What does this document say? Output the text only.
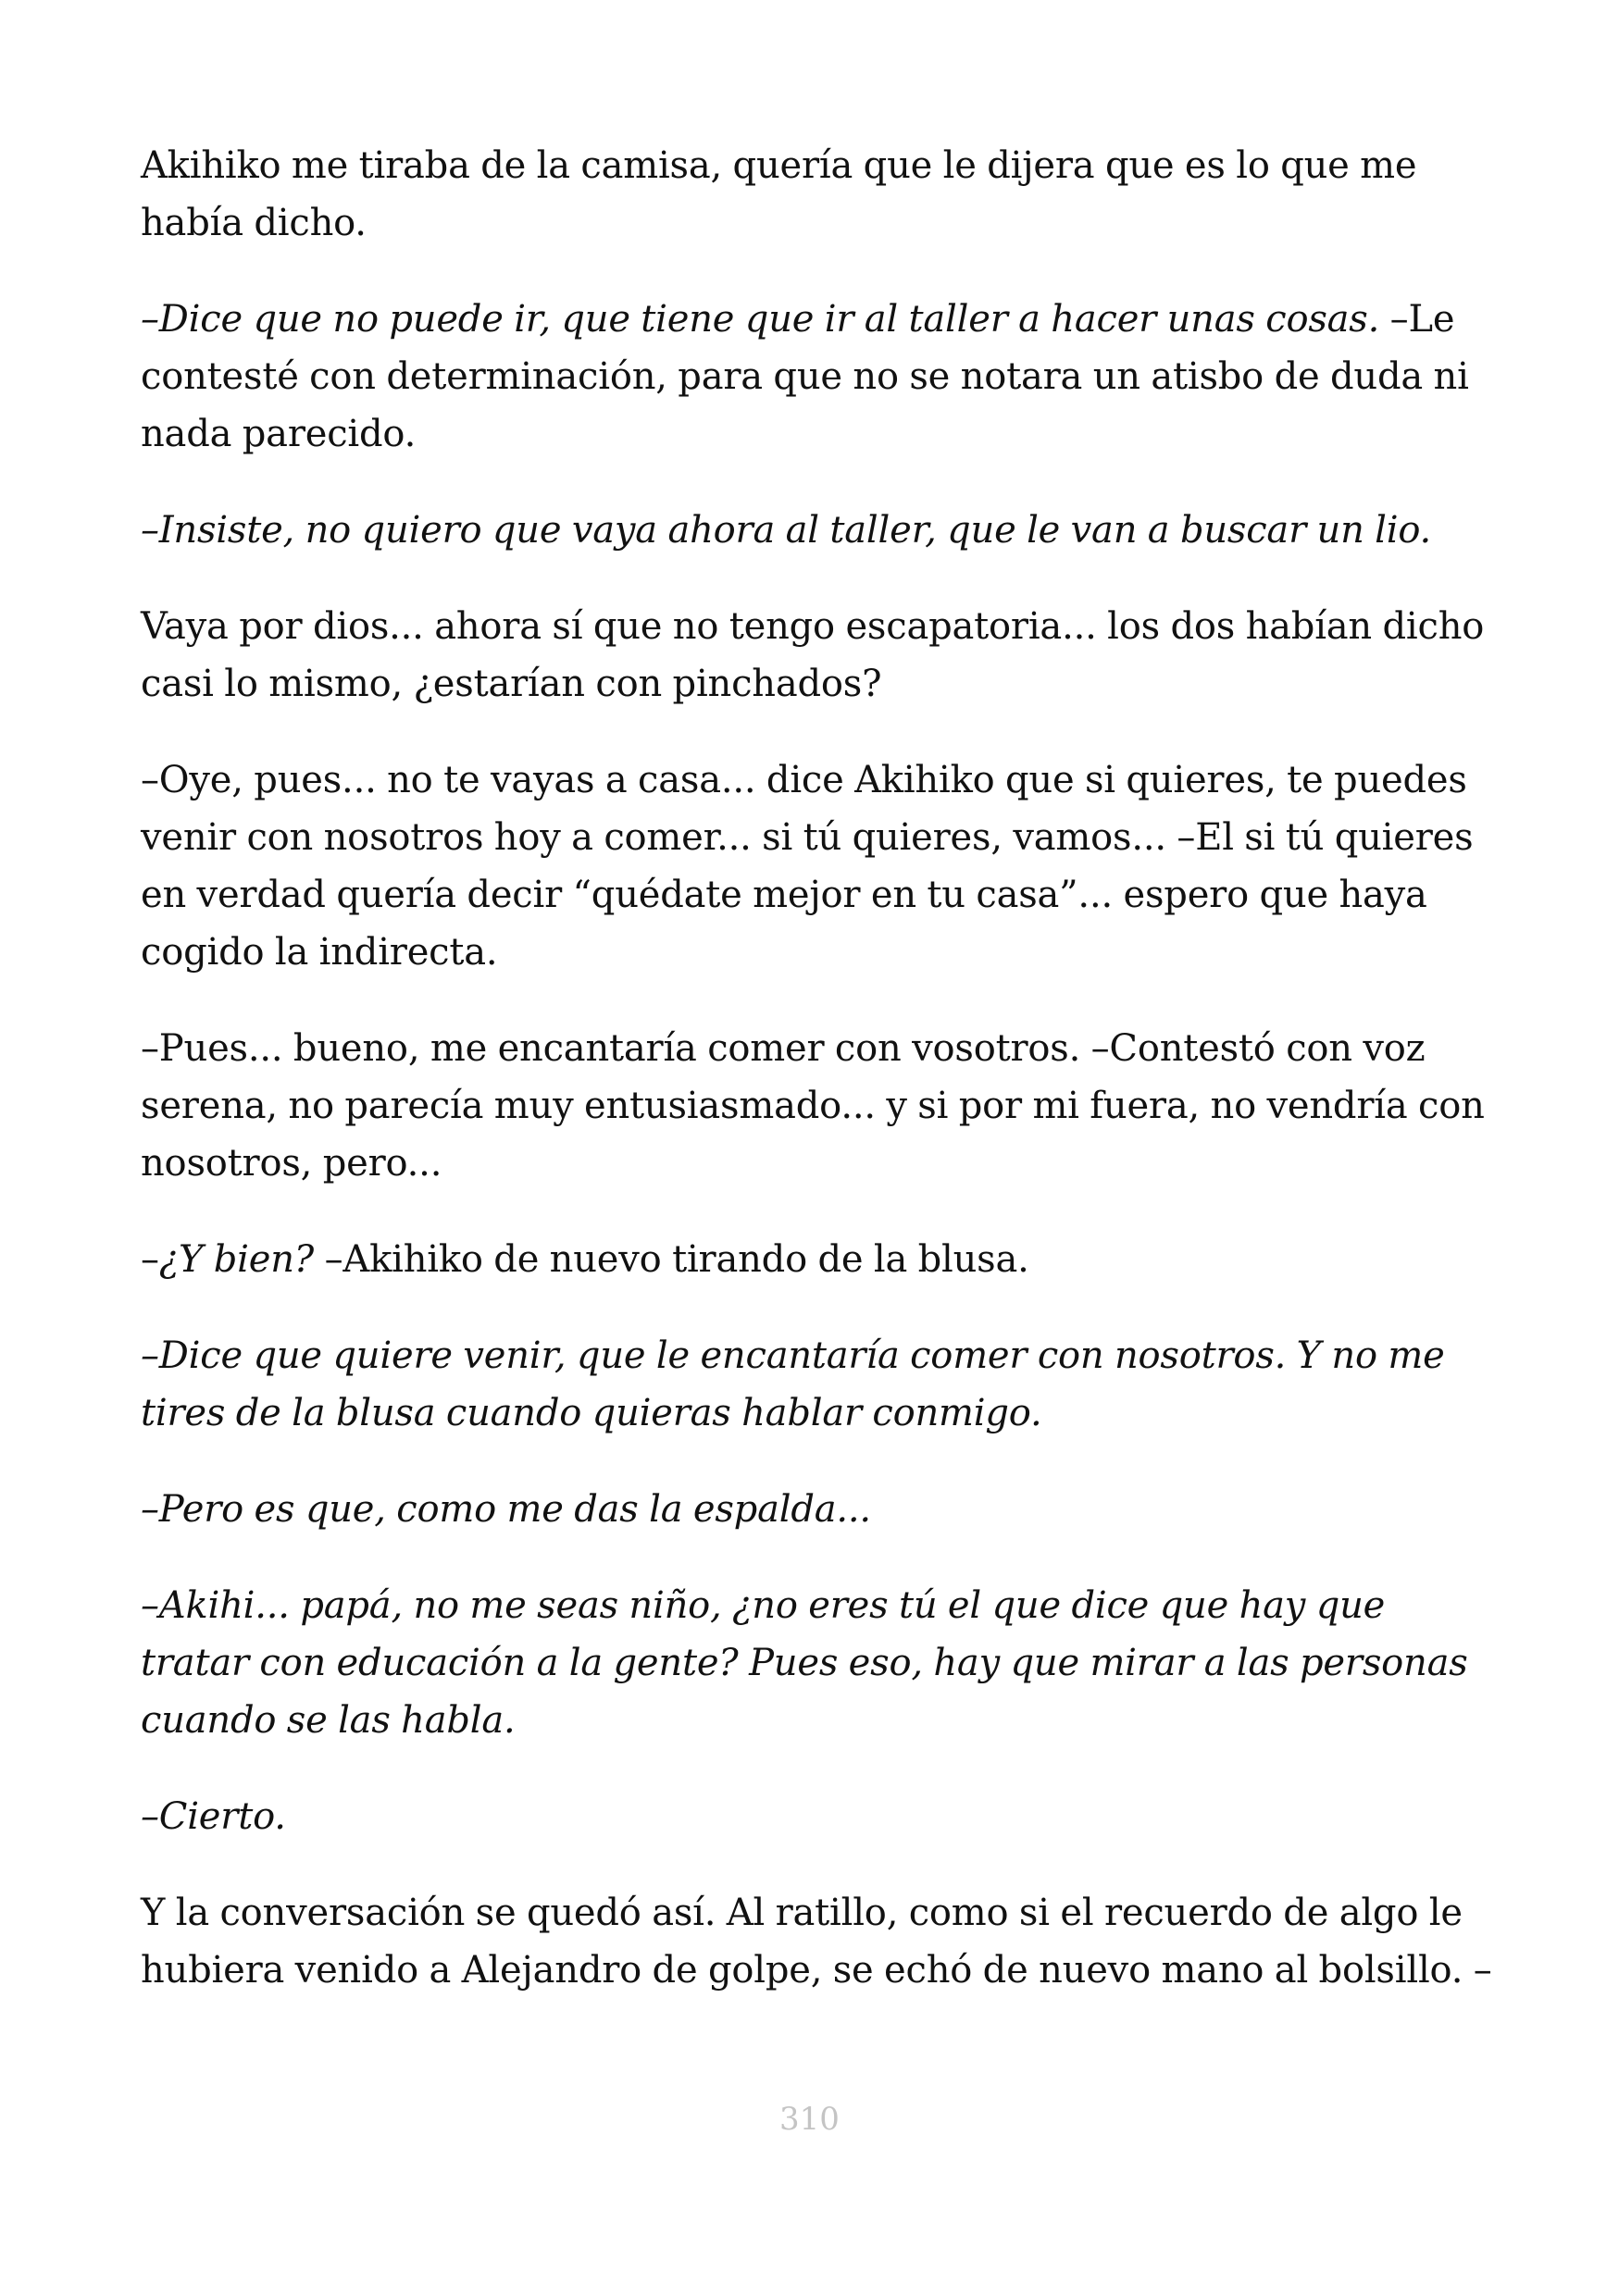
Akihiko me tiraba de la camisa, quería que le dijera que es lo que me había dicho.

–Dice que no puede ir, que tiene que ir al taller a hacer unas cosas. –Le contesté con determinación, para que no se notara un atisbo de duda ni nada parecido.

–Insiste, no quiero que vaya ahora al taller, que le van a buscar un lio.

Vaya por dios... ahora sí que no tengo escapatoria... los dos habían dicho casi lo mismo, ¿estarían con pinchados?

–Oye, pues... no te vayas a casa... dice Akihiko que si quieres, te puedes venir con nosotros hoy a comer... si tú quieres, vamos... –El si tú quieres en verdad quería decir “quédate mejor en tu casa”... espero que haya cogido la indirecta.

–Pues... bueno, me encantaría comer con vosotros. –Contestó con voz serena, no parecía muy entusiasmado... y si por mi fuera, no vendría con nosotros, pero...

–¿Y bien? –Akihiko de nuevo tirando de la blusa.

–Dice que quiere venir, que le encantaría comer con nosotros. Y no me tires de la blusa cuando quieras hablar conmigo.

–Pero es que, como me das la espalda...

–Akihi... papá, no me seas niño, ¿no eres tú el que dice que hay que tratar con educación a la gente? Pues eso, hay que mirar a las personas cuando se las habla.

–Cierto.

Y la conversación se quedó así. Al ratillo, como si el recuerdo de algo le hubiera venido a Alejandro de golpe, se echó de nuevo mano al bolsillo. –

310
